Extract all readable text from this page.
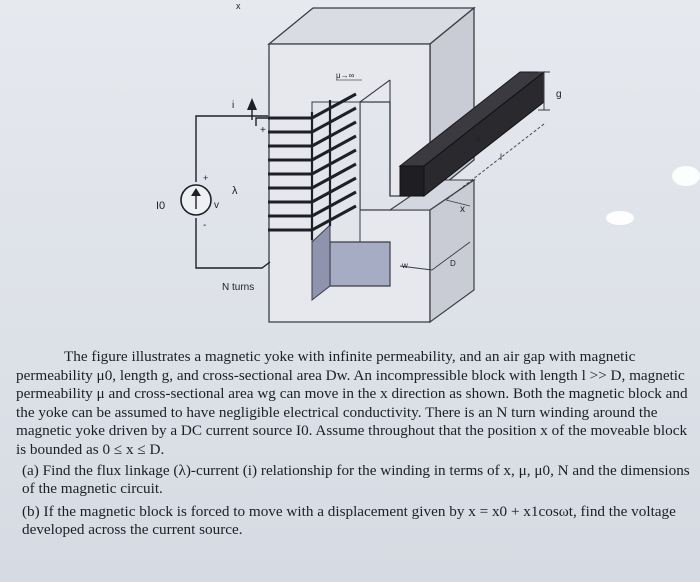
I0	v
λ
i
+
+
-
N turns
μ→∞
μ
g
l
x
w	D
x

The figure illustrates a magnetic yoke with infinite permeability, and an air gap with magnetic permeability μ0, length g, and cross-sectional area Dw. An incompressible block with length l >> D, magnetic permeability μ and cross-sectional area wg can move in the x direction as shown. Both the magnetic block and the yoke can be assumed to have negligible electrical conductivity. There is an N turn winding around the magnetic yoke driven by a DC current source I0. Assume throughout that the position x of the moveable block is bounded as 0 ≤ x ≤ D.

(a) Find the flux linkage (λ)-current (i) relationship for the winding in terms of x, μ, μ0, N and the dimensions of the magnetic circuit.

(b) If the magnetic block is forced to move with a displacement given by x = x0 + x1cosωt, find the voltage developed across the current source.
